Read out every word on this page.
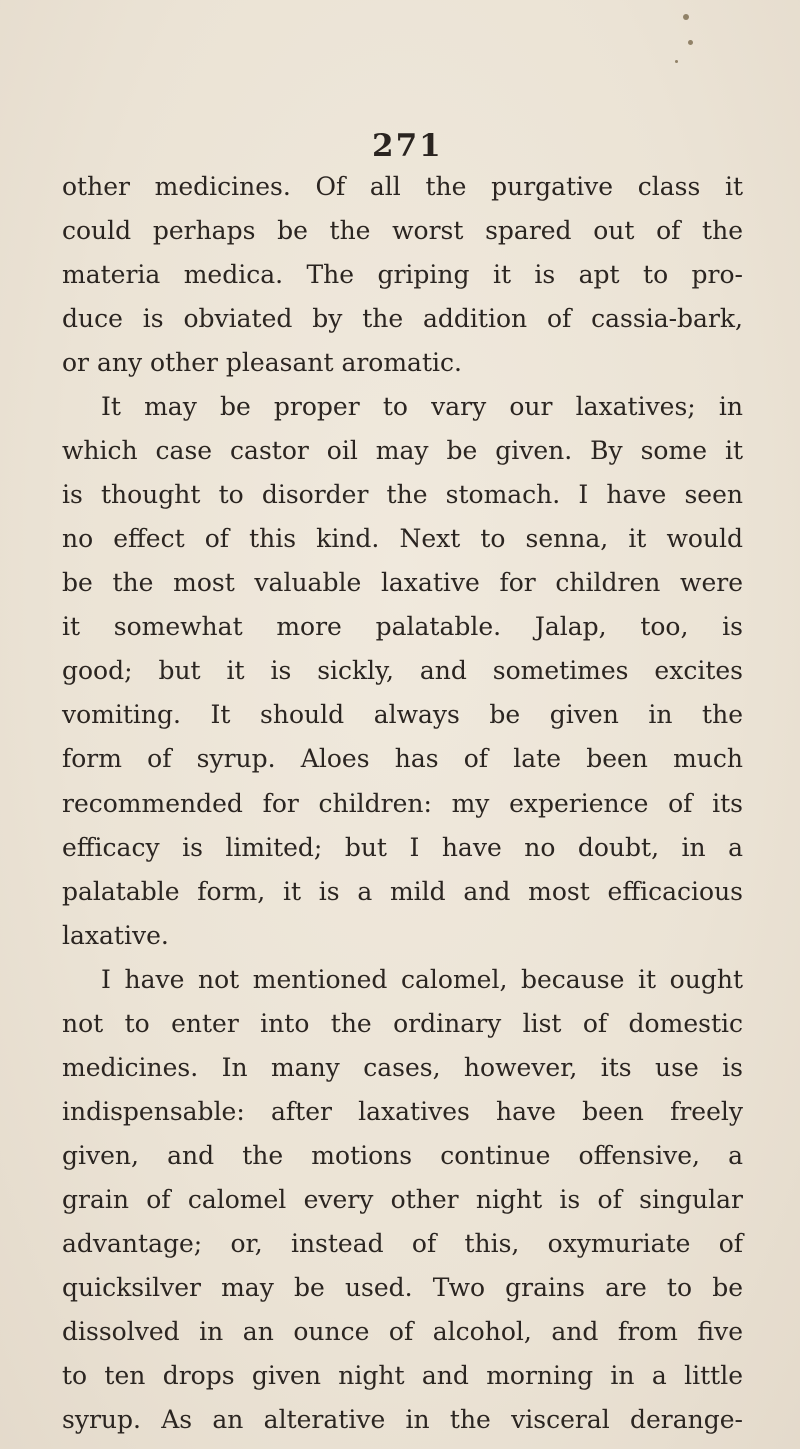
271
other medicines. Of all the purgative class it
could perhaps be the worst spared out of the
materia medica. The griping it is apt to pro-
duce is obviated by the addition of cassia-bark,
or any other pleasant aromatic.
It may be proper to vary our laxatives; in
which case castor oil may be given. By some it
is thought to disorder the stomach. I have seen
no effect of this kind. Next to senna, it would
be the most valuable laxative for children were
it somewhat more palatable. Jalap, too, is
good; but it is sickly, and sometimes excites
vomiting. It should always be given in the
form of syrup. Aloes has of late been much
recommended for children: my experience of its
efficacy is limited; but I have no doubt, in a
palatable form, it is a mild and most efficacious
laxative.
I have not mentioned calomel, because it ought
not to enter into the ordinary list of domestic
medicines. In many cases, however, its use is
indispensable: after laxatives have been freely
given, and the motions continue offensive, a
grain of calomel every other night is of singular
advantage; or, instead of this, oxymuriate of
quicksilver may be used. Two grains are to be
dissolved in an ounce of alcohol, and from five
to ten drops given night and morning in a little
syrup. As an alterative in the visceral derange-
